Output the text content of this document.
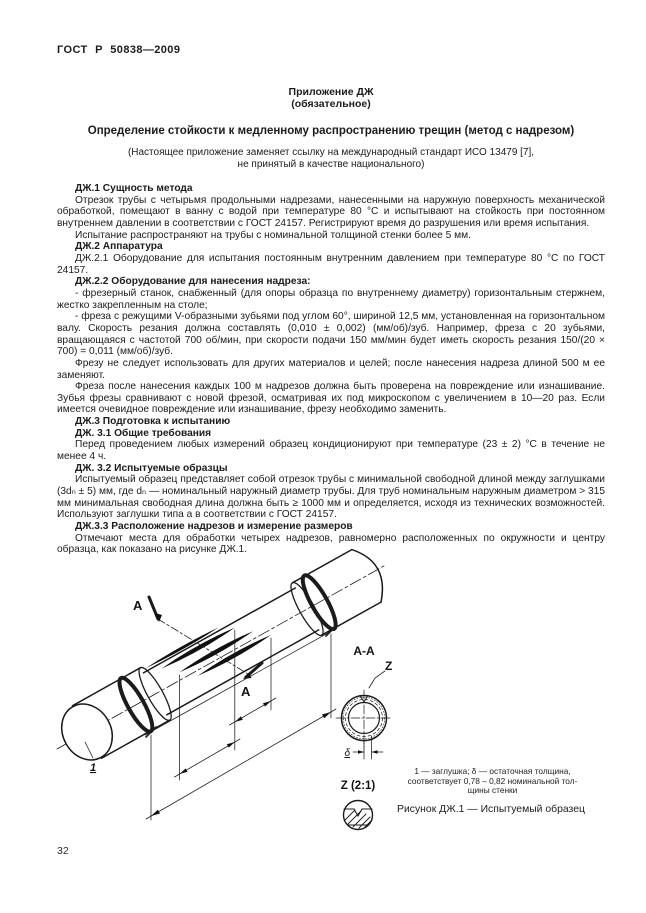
ГОСТ Р 50838—2009
Приложение ДЖ
(обязательное)
Определение стойкости к медленному распространению трещин (метод с надрезом)
(Настоящее приложение заменяет ссылку на международный стандарт ИСО 13479 [7],
не принятый в качестве национального)

ДЖ.1 Сущность метода

Отрезок трубы с четырьмя продольными надрезами, нанесенными на наружную поверхность механической обработкой, помещают в ванну с водой при температуре 80 °С и испытывают на стойкость при постоянном внутреннем давлении в соответствии с ГОСТ 24157. Регистрируют время до разрушения или время испытания.

Испытание распространяют на трубы с номинальной толщиной стенки более 5 мм.

ДЖ.2 Аппаратура

ДЖ.2.1 Оборудование для испытания постоянным внутренним давлением при температуре 80 °С по ГОСТ 24157.

ДЖ.2.2 Оборудование для нанесения надреза:

- фрезерный станок, снабженный (для опоры образца по внутреннему диаметру) горизонтальным стержнем, жестко закрепленным на столе;

- фреза с режущими V-образными зубьями под углом 60°, шириной 12,5 мм, установленная на горизонтальном валу. Скорость резания должна составлять (0,010 ± 0,002) (мм/об)/зуб. Например, фреза с 20 зубьями, вращающаяся с частотой 700 об/мин, при скорости подачи 150 мм/мин будет иметь скорость резания 150/(20 × 700) = 0,011 (мм/об)/зуб.

Фрезу не следует использовать для других материалов и целей; после нанесения надреза длиной 500 м ее заменяют.

Фреза после нанесения каждых 100 м надрезов должна быть проверена на повреждение или изнашивание. Зубья фрезы сравнивают с новой фрезой, осматривая их под микроскопом с увеличением в 10—20 раз. Если имеется очевидное повреждение или изнашивание, фрезу необходимо заменить.

ДЖ.3 Подготовка к испытанию

ДЖ. 3.1 Общие требования

Перед проведением любых измерений образец кондиционируют при температуре (23 ± 2) °С в течение не менее 4 ч.

ДЖ. 3.2 Испытуемые образцы

Испытуемый образец представляет собой отрезок трубы с минимальной свободной длиной между заглушками (3dₙ ± 5) мм, где dₙ — номинальный наружный диаметр трубы. Для труб номинальным наружным диаметром > 315 мм минимальная свободная длина должна быть ≥ 1000 мм и определяется, исходя из технических возможностей. Используют заглушки типа а в соответствии с ГОСТ 24157.

ДЖ.3.3 Расположение надрезов и измерение размеров

Отмечают места для обработки четырех надрезов, равномерно расположенных по окружности и центру образца, как показано на рисунке ДЖ.1.

A
A
1
A-A
Z
δ
Z (2:1)
1 — заглушка; δ — остаточная толщина,
соответствует 0,78 – 0,82 номинальной тол-
щины стенки
Рисунок ДЖ.1 — Испытуемый образец
32
